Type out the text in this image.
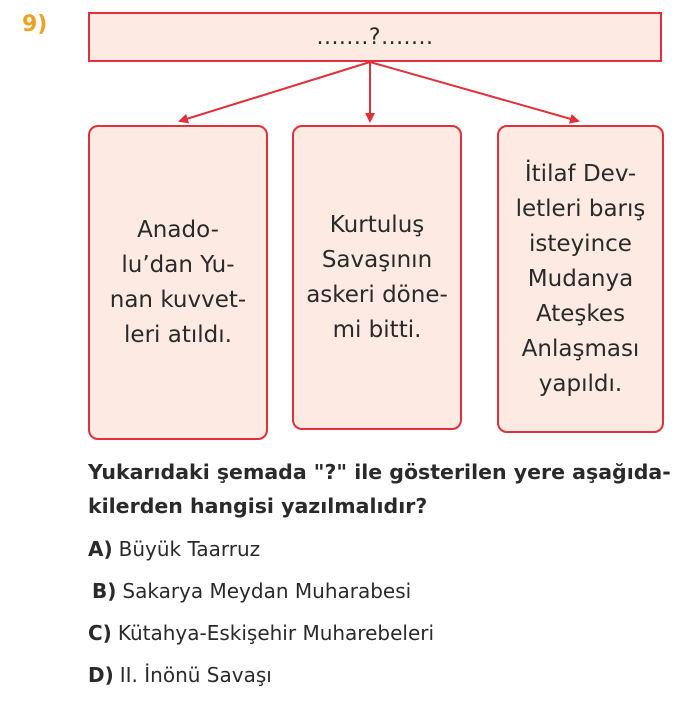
9)	.......?.......
Anado-
lu’dan Yu-
nan kuvvet-
leri atıldı.
Kurtuluş
Savaşının
askeri döne-
mi bitti.
İtilaf Dev-
letleri barış
isteyince
Mudanya
Ateşkes
Anlaşması
yapıldı.
Yukarıdaki şemada "?" ile gösterilen yere aşağıda-
kilerden hangisi yazılmalıdır?
A) Büyük Taarruz
B) Sakarya Meydan Muharabesi
C) Kütahya-Eskişehir Muharebeleri
D) II. İnönü Savaşı
